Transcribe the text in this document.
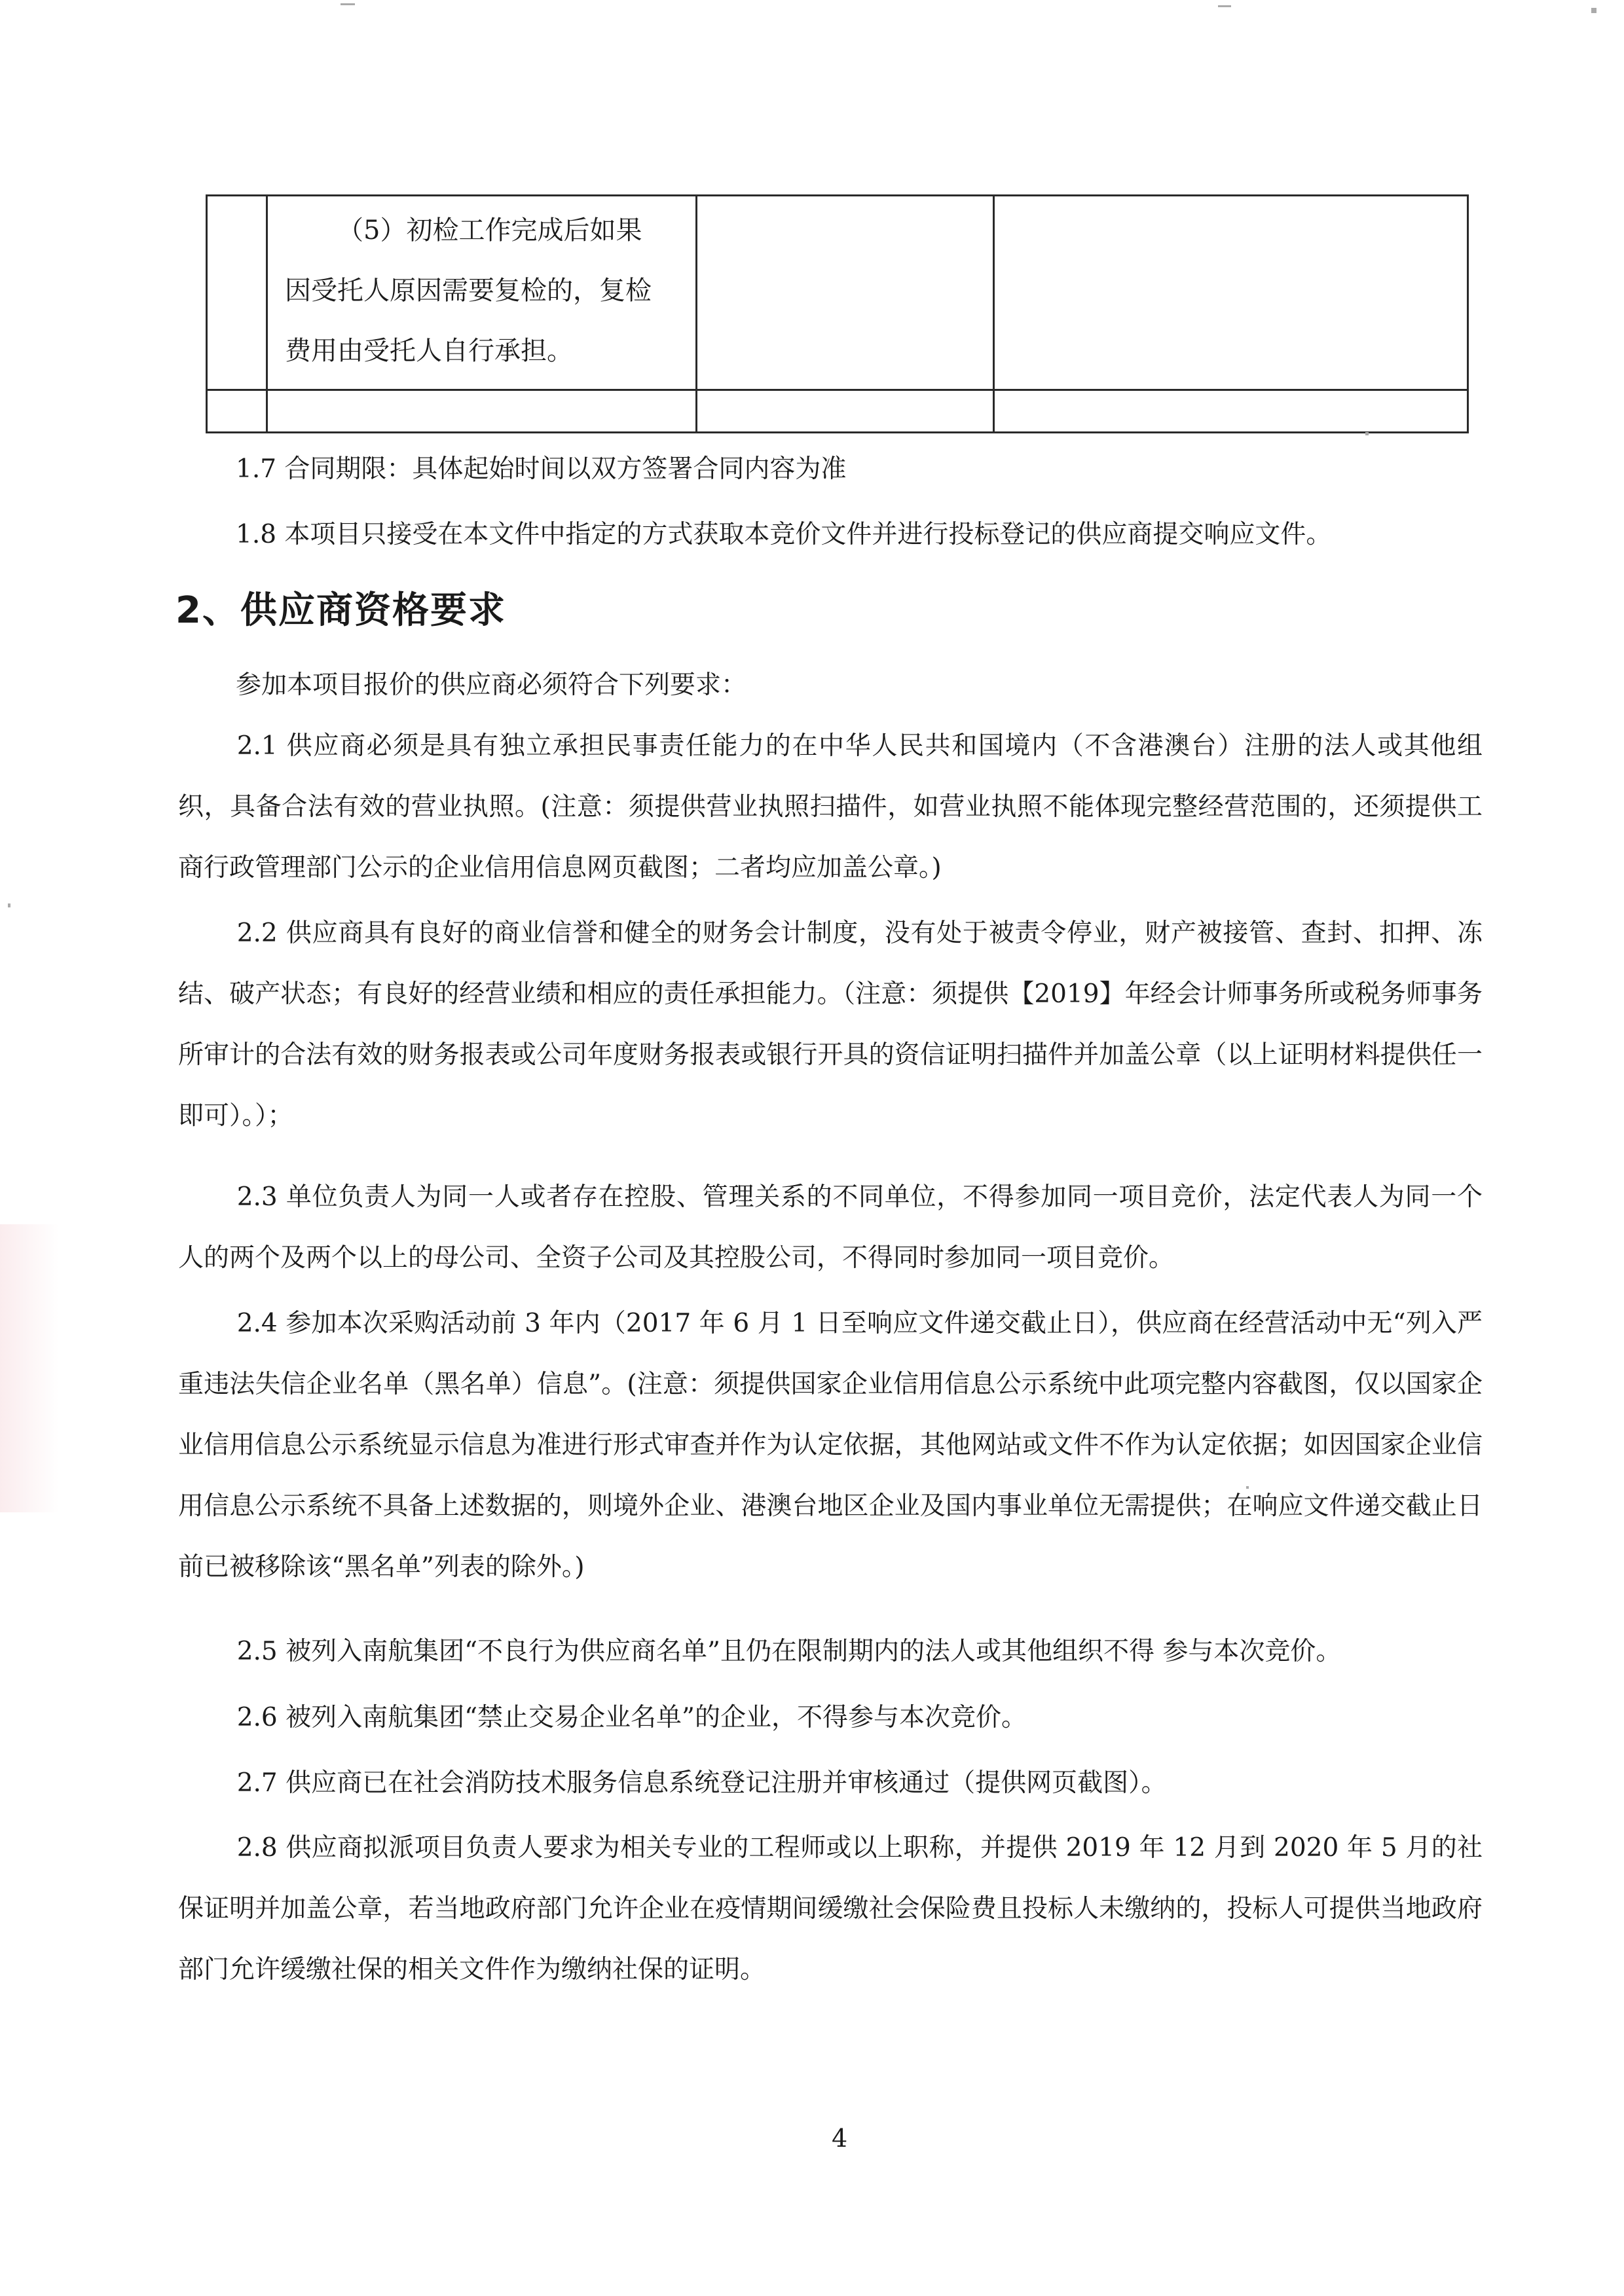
	（5）初检工作完成后如果
因受托人原因需要复检的，复检
费用由受托人自行承担。		

1.7 合同期限：具体起始时间以双方签署合同内容为准
1.8 本项目只接受在本文件中指定的方式获取本竞价文件并进行投标登记的供应商提交响应文件。
2、供应商资格要求
参加本项目报价的供应商必须符合下列要求：
2.1 供应商必须是具有独立承担民事责任能力的在中华人民共和国境内（不含港澳台）注册的法人或其他组织，具备合法有效的营业执照。(注意：须提供营业执照扫描件，如营业执照不能体现完整经营范围的，还须提供工商行政管理部门公示的企业信用信息网页截图；二者均应加盖公章。)
2.2 供应商具有良好的商业信誉和健全的财务会计制度，没有处于被责令停业，财产被接管、查封、扣押、冻结、破产状态；有良好的经营业绩和相应的责任承担能力。（注意：须提供【2019】年经会计师事务所或税务师事务所审计的合法有效的财务报表或公司年度财务报表或银行开具的资信证明扫描件并加盖公章（以上证明材料提供任一即可）。）；
2.3 单位负责人为同一人或者存在控股、管理关系的不同单位，不得参加同一项目竞价，法定代表人为同一个人的两个及两个以上的母公司、全资子公司及其控股公司，不得同时参加同一项目竞价。
2.4 参加本次采购活动前 3 年内（2017 年 6 月 1 日至响应文件递交截止日），供应商在经营活动中无“列入严重违法失信企业名单（黑名单）信息”。(注意：须提供国家企业信用信息公示系统中此项完整内容截图，仅以国家企业信用信息公示系统显示信息为准进行形式审查并作为认定依据，其他网站或文件不作为认定依据；如因国家企业信用信息公示系统不具备上述数据的，则境外企业、港澳台地区企业及国内事业单位无需提供；在响应文件递交截止日前已被移除该“黑名单”列表的除外。)
2.5 被列入南航集团“不良行为供应商名单”且仍在限制期内的法人或其他组织不得 参与本次竞价。
2.6 被列入南航集团“禁止交易企业名单”的企业，不得参与本次竞价。
2.7 供应商已在社会消防技术服务信息系统登记注册并审核通过（提供网页截图）。
2.8 供应商拟派项目负责人要求为相关专业的工程师或以上职称，并提供 2019 年 12 月到 2020 年 5 月的社保证明并加盖公章，若当地政府部门允许企业在疫情期间缓缴社会保险费且投标人未缴纳的，投标人可提供当地政府部门允许缓缴社保的相关文件作为缴纳社保的证明。
4
